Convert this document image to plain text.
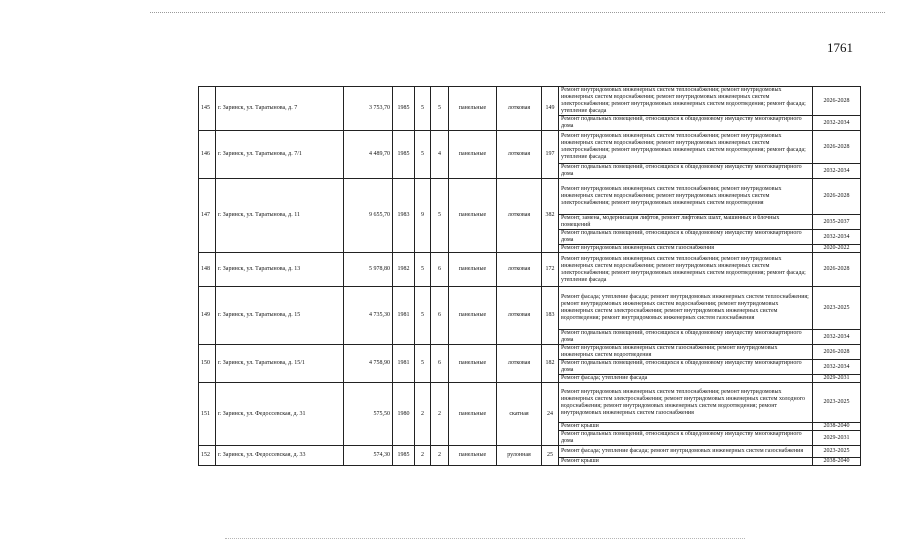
1761
145	г. Заринск, ул. Таратынова, д. 7	3 753,70	1985	5	5	панельные	лотковая	149	Ремонт внутридомовых инженерных систем теплоснабжения; ремонт внутридомовых инженерных систем водоснабжения; ремонт внутридомовых инженерных систем электроснабжения; ремонт внутридомовых инженерных систем водоотведения; ремонт фасада; утепление фасада	2026-2028
									Ремонт подвальных помещений, относящихся к общедомовому имуществу многоквартирного дома	2032-2034
146	г. Заринск, ул. Таратынова, д. 7/1	4 489,70	1985	5	4	панельные	лотковая	197	Ремонт внутридомовых инженерных систем теплоснабжения; ремонт внутридомовых инженерных систем водоснабжения; ремонт внутридомовых инженерных систем электроснабжения; ремонт внутридомовых инженерных систем водоотведения; ремонт фасада; утепление фасада	2026-2028
									Ремонт подвальных помещений, относящихся к общедомовому имуществу многоквартирного дома	2032-2034
147	г. Заринск, ул. Таратынова, д. 11	9 655,70	1983	9	5	панельные	лотковая	382	Ремонт внутридомовых инженерных систем теплоснабжения; ремонт внутридомовых инженерных систем водоснабжения; ремонт внутридомовых инженерных систем электроснабжения; ремонт внутридомовых инженерных систем водоотведения	2026-2028
									Ремонт, замена, модернизация лифтов, ремонт лифтовых шахт, машинных и блочных помещений	2035-2037
									Ремонт подвальных помещений, относящихся к общедомовому имуществу многоквартирного дома	2032-2034
									Ремонт внутридомовых инженерных систем газоснабжения	2020-2022
148	г. Заринск, ул. Таратынова, д. 13	5 978,80	1982	5	6	панельные	лотковая	172	Ремонт внутридомовых инженерных систем теплоснабжения; ремонт внутридомовых инженерных систем водоснабжения; ремонт внутридомовых инженерных систем электроснабжения; ремонт внутридомовых инженерных систем водоотведения; ремонт фасада; утепление фасада	2026-2028
149	г. Заринск, ул. Таратынова, д. 15	4 735,30	1981	5	6	панельные	лотковая	183	Ремонт фасада; утепление фасада; ремонт внутридомовых инженерных систем теплоснабжения; ремонт внутридомовых инженерных систем водоснабжения; ремонт внутридомовых инженерных систем электроснабжения; ремонт внутридомовых инженерных систем водоотведения; ремонт внутридомовых инженерных систем газоснабжения	2023-2025
									Ремонт подвальных помещений, относящихся к общедомовому имуществу многоквартирного дома	2032-2034
150	г. Заринск, ул. Таратынова, д. 15/1	4 758,90	1981	5	6	панельные	лотковая	182	Ремонт внутридомовых инженерных систем газоснабжения; ремонт внутридомовых инженерных систем водоотведения	2026-2028
									Ремонт подвальных помещений, относящихся к общедомовому имуществу многоквартирного дома	2032-2034
									Ремонт фасада; утепление фасада	2029-2031
151	г. Заринск, ул. Федоссевская, д. 31	575,50	1980	2	2	панельные	скатная	24	Ремонт внутридомовых инженерных систем теплоснабжения; ремонт внутридомовых инженерных систем электроснабжения; ремонт внутридомовых инженерных систем холодного водоснабжения; ремонт внутридомовых инженерных систем водоотведения; ремонт внутридомовых инженерных систем газоснабжения	2023-2025
									Ремонт крыши	2038-2040
									Ремонт подвальных помещений, относящихся к общедомовому имуществу многоквартирного дома	2029-2031
152	г. Заринск, ул. Федоссевская, д. 33	574,30	1985	2	2	панельные	рулонная	25	Ремонт фасада; утепление фасада; ремонт внутридомовых инженерных систем газоснабжения	2023-2025
									Ремонт крыши	2038-2040
